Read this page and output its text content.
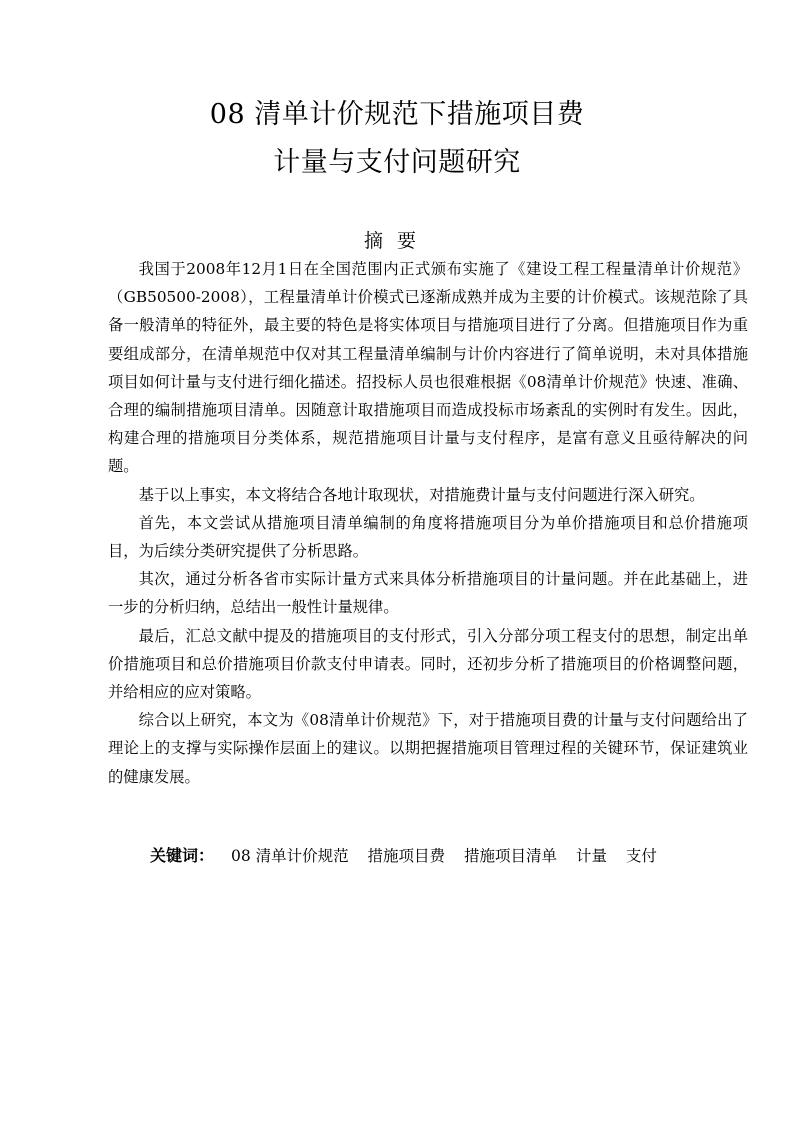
08 清单计价规范下措施项目费
计量与支付问题研究
摘要

我国于2008年12月1日在全国范围内正式颁布实施了《建设工程工程量清单计价规范》（GB50500-2008），工程量清单计价模式已逐渐成熟并成为主要的计价模式。该规范除了具备一般清单的特征外，最主要的特色是将实体项目与措施项目进行了分离。但措施项目作为重要组成部分，在清单规范中仅对其工程量清单编制与计价内容进行了简单说明，未对具体措施项目如何计量与支付进行细化描述。招投标人员也很难根据《08清单计价规范》快速、准确、合理的编制措施项目清单。因随意计取措施项目而造成投标市场紊乱的实例时有发生。因此，构建合理的措施项目分类体系，规范措施项目计量与支付程序，是富有意义且亟待解决的问题。

基于以上事实，本文将结合各地计取现状，对措施费计量与支付问题进行深入研究。

首先，本文尝试从措施项目清单编制的角度将措施项目分为单价措施项目和总价措施项目，为后续分类研究提供了分析思路。

其次，通过分析各省市实际计量方式来具体分析措施项目的计量问题。并在此基础上，进一步的分析归纳，总结出一般性计量规律。

最后，汇总文献中提及的措施项目的支付形式，引入分部分项工程支付的思想，制定出单价措施项目和总价措施项目价款支付申请表。同时，还初步分析了措施项目的价格调整问题，并给相应的应对策略。

综合以上研究，本文为《08清单计价规范》下，对于措施项目费的计量与支付问题给出了理论上的支撑与实际操作层面上的建议。以期把握措施项目管理过程的关键环节，保证建筑业的健康发展。

关键词： 08 清单计价规范 措施项目费 措施项目清单 计量 支付
